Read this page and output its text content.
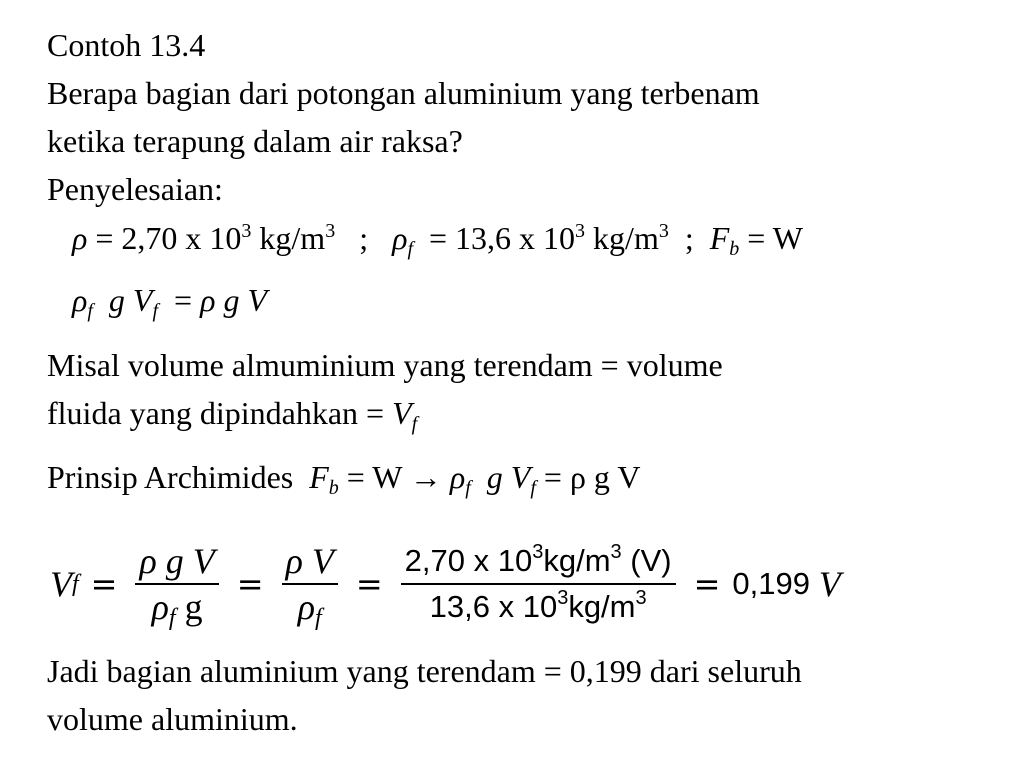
Contoh 13.4
Berapa bagian dari potongan aluminium yang terbenam
ketika terapung dalam air raksa?
Penyelesaian:
ρ = 2,70 x $10^3$ $kg/m^3$ ; $\rho_f = 13,6$ x $10^3$ $kg/m^3$ ; $F_b = W$
$\rho_f$ g $V_f = \rho$ g V
Misal volume almuminium yang terendam = volume
fluida yang dipindahkan = $V_f$
Prinsip Archimides $F_b = W \to \rho_f$ g $V_f = \rho$ g V
V $f = \frac{\text{ρ g V}}{\rho_f g} = \frac{\text{ρ V}}{\rho_f} = \frac{2,70 x 10^3kg/m^3 (V)}{13,6 x 10^3kg/m^3} = 0,199$
V
Jadi bagian aluminium yang terendam = 0,199 dari seluruh
volume aluminium.
